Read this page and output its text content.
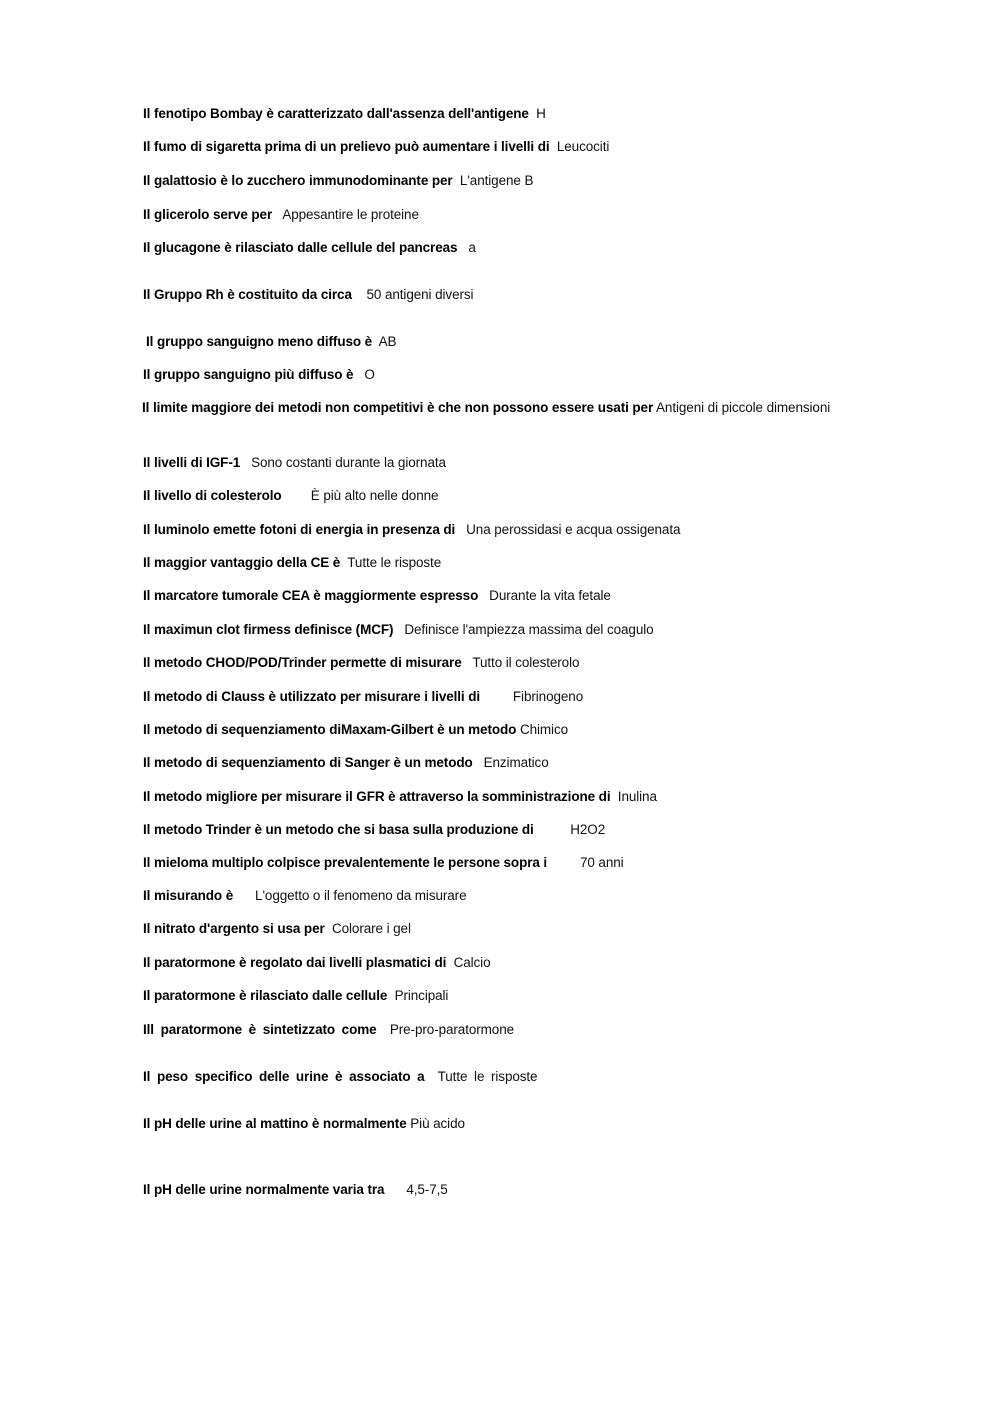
Il fenotipo Bombay è caratterizzato dall'assenza dell'antigene H
Il fumo di sigaretta prima di un prelievo può aumentare i livelli di Leucociti
Il galattosio è lo zucchero immunodominante per L'antigene B
Il glicerolo serve per Appesantire le proteine
Il glucagone è rilasciato dalle cellule del pancreas a
Il Gruppo Rh è costituito da circa 50 antigeni diversi
Il gruppo sanguigno meno diffuso è AB
Il gruppo sanguigno più diffuso è O
Il limite maggiore dei metodi non competitivi è che non possono essere usati per Antigeni di piccole dimensioni
Il livelli di IGF-1 Sono costanti durante la giornata
Il livello di colesterolo È più alto nelle donne
Il luminolo emette fotoni di energia in presenza di Una perossidasi e acqua ossigenata
Il maggior vantaggio della CE è Tutte le risposte
Il marcatore tumorale CEA è maggiormente espresso Durante la vita fetale
Il maximun clot firmess definisce (MCF) Definisce l'ampiezza massima del coagulo
Il metodo CHOD/POD/Trinder permette di misurare Tutto il colesterolo
Il metodo di Clauss è utilizzato per misurare i livelli di Fibrinogeno
Il metodo di sequenziamento diMaxam-Gilbert è un metodo Chimico
Il metodo di sequenziamento di Sanger è un metodo Enzimatico
Il metodo migliore per misurare il GFR è attraverso la somministrazione di Inulina
Il metodo Trinder è un metodo che si basa sulla produzione di	H2O2
Il mieloma multiplo colpisce prevalentemente le persone sopra i 70 anni
Il misurando è L'oggetto o il fenomeno da misurare
Il nitrato d'argento si usa per Colorare i gel
Il paratormone è regolato dai livelli plasmatici di Calcio
Il paratormone è rilasciato dalle cellule Principali
Ill paratormone è sintetizzato come Pre-pro-paratormone
Il peso specifico delle urine è associato a Tutte le risposte
Il pH delle urine al mattino è normalmente Più acido
Il pH delle urine normalmente varia tra 4,5-7,5
